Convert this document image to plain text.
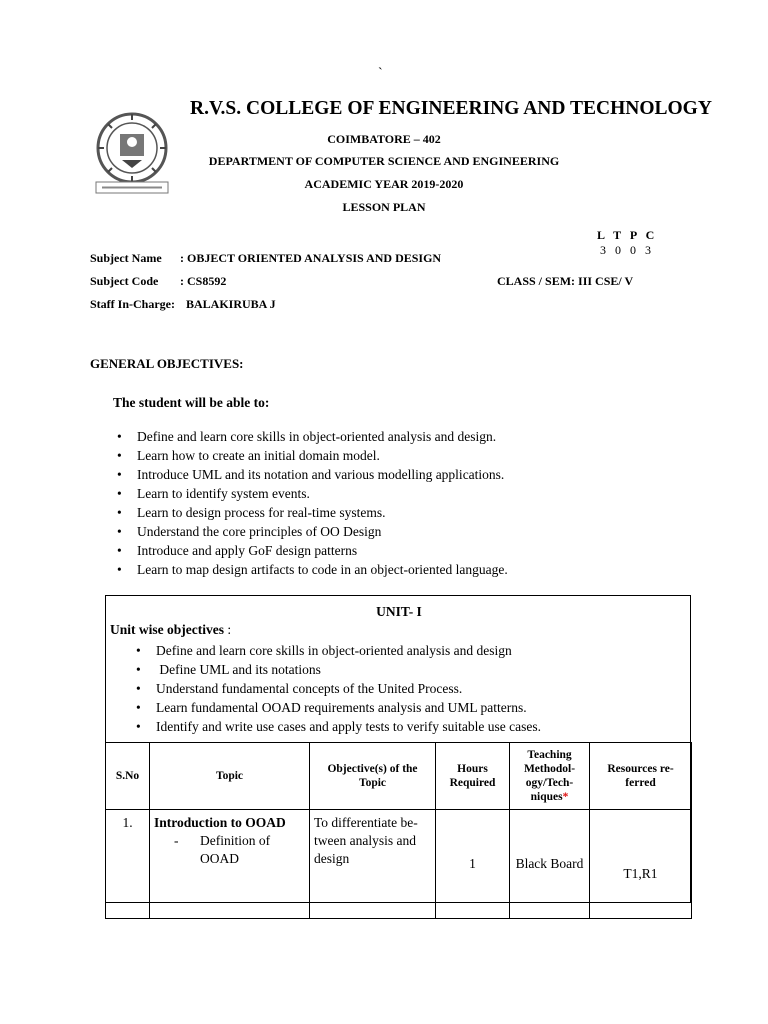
`
R.V.S. COLLEGE OF ENGINEERING AND TECHNOLOGY
COIMBATORE – 402
DEPARTMENT OF COMPUTER SCIENCE AND ENGINEERING
ACADEMIC YEAR 2019-2020
LESSON PLAN
L T P C
3 0 0 3
Subject Name : OBJECT ORIENTED ANALYSIS AND DESIGN
Subject Code : CS8592	CLASS / SEM: III CSE/ V
Staff In-Charge: BALAKIRUBA J
GENERAL OBJECTIVES:
The student will be able to:
• Define and learn core skills in object-oriented analysis and design.
• Learn how to create an initial domain model.
• Introduce UML and its notation and various modelling applications.
• Learn to identify system events.
• Learn to design process for real-time systems.
• Understand the core principles of OO Design
• Introduce and apply GoF design patterns
• Learn to map design artifacts to code in an object-oriented language.
UNIT- I
Unit wise objectives :
• Define and learn core skills in object-oriented analysis and design
•  Define UML and its notations
• Understand fundamental concepts of the United Process.
• Learn fundamental OOAD requirements analysis and UML patterns.
• Identify and write use cases and apply tests to verify suitable use cases.
S.No	Topic	Objective(s) of the Topic	Hours Required	Teaching Methodol-ogy/Tech-niques*	Resources re-ferred
1.	Introduction to OOAD
- Definition of OOAD	To differentiate be-tween analysis and design	1	Black Board	T1,R1
